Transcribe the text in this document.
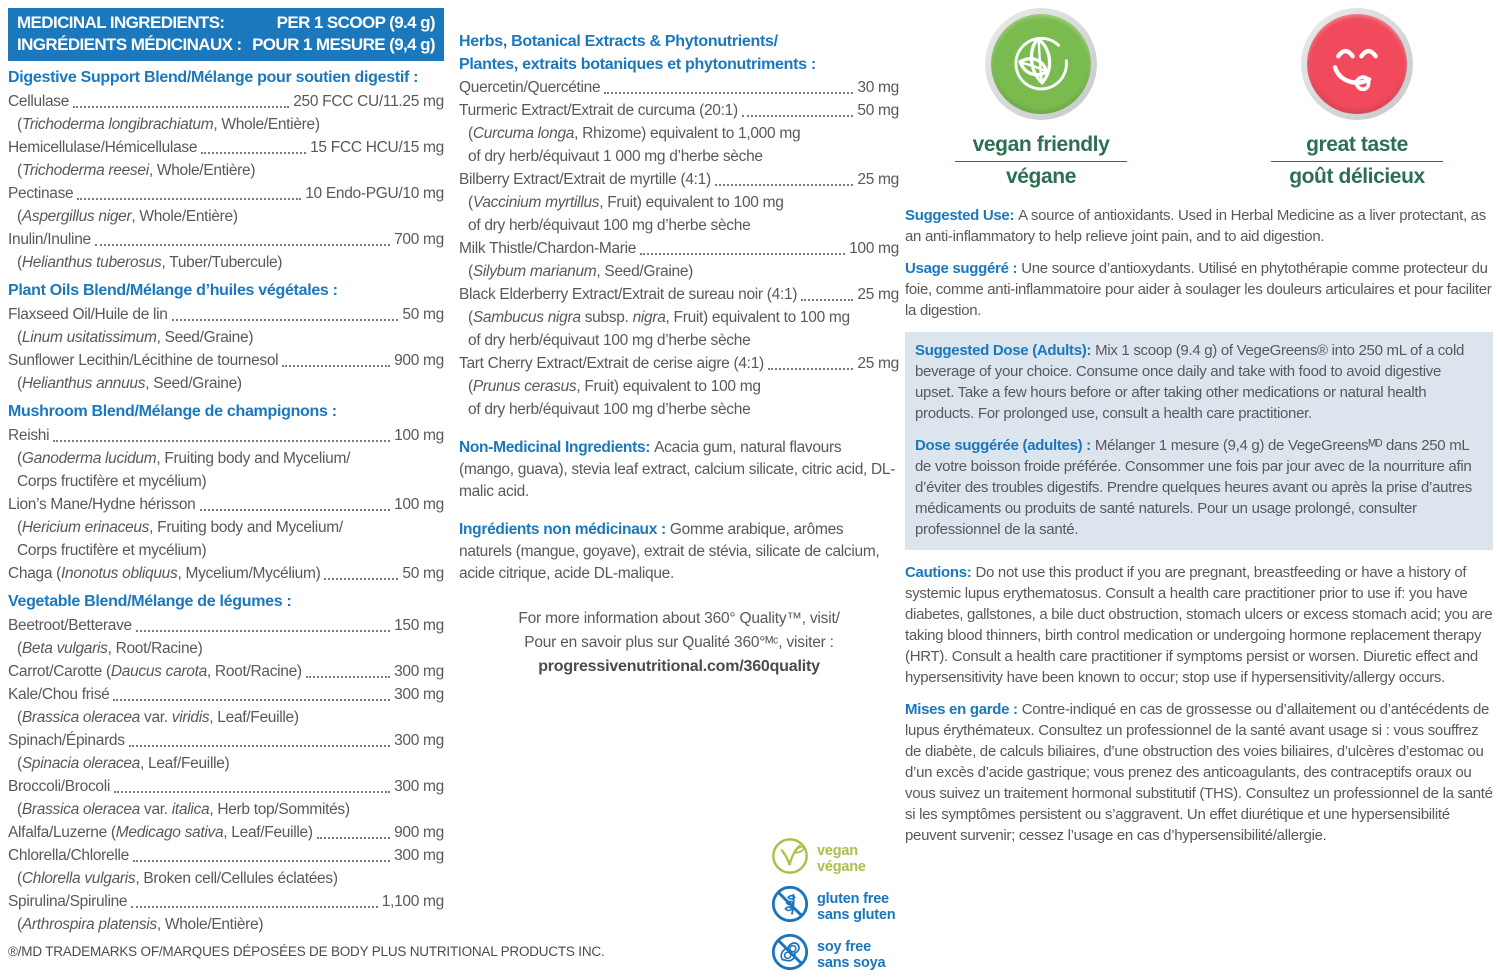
MEDICINAL INGREDIENTS:	PER 1 SCOOP (9.4 g)
INGRÉDIENTS MÉDICINAUX : POUR 1 MESURE (9,4 g)
Digestive Support Blend/Mélange pour soutien digestif :
Cellulase	250 FCC CU/11.25 mg
(Trichoderma longibrachiatum, Whole/Entière)
Hemicellulase/Hémicellulase	15 FCC HCU/15 mg
(Trichoderma reesei, Whole/Entière)
Pectinase	10 Endo-PGU/10 mg
(Aspergillus niger, Whole/Entière)
Inulin/Inuline	700 mg
(Helianthus tuberosus, Tuber/Tubercule)
Plant Oils Blend/Mélange d’huiles végétales :
Flaxseed Oil/Huile de lin	50 mg
(Linum usitatissimum, Seed/Graine)
Sunflower Lecithin/Lécithine de tournesol	900 mg
(Helianthus annuus, Seed/Graine)
Mushroom Blend/Mélange de champignons :
Reishi	100 mg
(Ganoderma lucidum, Fruiting body and Mycelium/
Corps fructifère et mycélium)
Lion’s Mane/Hydne hérisson	100 mg
(Hericium erinaceus, Fruiting body and Mycelium/
Corps fructifère et mycélium)
Chaga (Inonotus obliquus, Mycelium/Mycélium)	50 mg
Vegetable Blend/Mélange de légumes :
Beetroot/Betterave	150 mg
(Beta vulgaris, Root/Racine)
Carrot/Carotte (Daucus carota, Root/Racine)	300 mg
Kale/Chou frisé	300 mg
(Brassica oleracea var. viridis, Leaf/Feuille)
Spinach/Épinards	300 mg
(Spinacia oleracea, Leaf/Feuille)
Broccoli/Brocoli	300 mg
(Brassica oleracea var. italica, Herb top/Sommités)
Alfalfa/Luzerne (Medicago sativa, Leaf/Feuille)	900 mg
Chlorella/Chlorelle	300 mg
(Chlorella vulgaris, Broken cell/Cellules éclatées)
Spirulina/Spiruline	1,100 mg
(Arthrospira platensis, Whole/Entière)
®/MD TRADEMARKS OF/MARQUES DÉPOSÉES DE BODY PLUS NUTRITIONAL PRODUCTS INC.
Herbs, Botanical Extracts & Phytonutrients/
Plantes, extraits botaniques et phytonutriments :
Quercetin/Quercétine	30 mg
Turmeric Extract/Extrait de curcuma (20:1)	50 mg
(Curcuma longa, Rhizome) equivalent to 1,000 mg
of dry herb/équivaut 1 000 mg d’herbe sèche
Bilberry Extract/Extrait de myrtille (4:1)	25 mg
(Vaccinium myrtillus, Fruit) equivalent to 100 mg
of dry herb/équivaut 100 mg d’herbe sèche
Milk Thistle/Chardon-Marie	100 mg
(Silybum marianum, Seed/Graine)
Black Elderberry Extract/Extrait de sureau noir (4:1)	25 mg
(Sambucus nigra subsp. nigra, Fruit) equivalent to 100 mg
of dry herb/équivaut 100 mg d’herbe sèche
Tart Cherry Extract/Extrait de cerise aigre (4:1)	25 mg
(Prunus cerasus, Fruit) equivalent to 100 mg
of dry herb/équivaut 100 mg d’herbe sèche
Non-Medicinal Ingredients: Acacia gum, natural flavours (mango, guava), stevia leaf extract, calcium silicate, citric acid, DL-malic acid.
Ingrédients non médicinaux : Gomme arabique, arômes naturels (mangue, goyave), extrait de stévia, silicate de calcium, acide citrique, acide DL-malique.
For more information about 360° Quality™, visit/
Pour en savoir plus sur Qualité 360°ᴹᶜ, visiter :
progressivenutritional.com/360quality
vegan
végane
gluten free
sans gluten
soy free
sans soya
vegan friendly
végane
great taste
goût délicieux
Suggested Use: A source of antioxidants. Used in Herbal Medicine as a liver protectant, as an anti-inflammatory to help relieve joint pain, and to aid digestion.
Usage suggéré : Une source d’antioxydants. Utilisé en phytothérapie comme protecteur du foie, comme anti-inflammatoire pour aider à soulager les douleurs articulaires et pour faciliter la digestion.
Suggested Dose (Adults): Mix 1 scoop (9.4 g) of VegeGreens® into 250 mL of a cold beverage of your choice. Consume once daily and take with food to avoid digestive upset. Take a few hours before or after taking other medications or natural health products. For prolonged use, consult a health care practitioner.
Dose suggérée (adultes) : Mélanger 1 mesure (9,4 g) de VegeGreensᴹᴰ dans 250 mL de votre boisson froide préférée. Consommer une fois par jour avec de la nourriture afin d’éviter des troubles digestifs. Prendre quelques heures avant ou après la prise d’autres médicaments ou produits de santé naturels. Pour un usage prolongé, consulter professionnel de la santé.
Cautions: Do not use this product if you are pregnant, breastfeeding or have a history of systemic lupus erythematosus. Consult a health care practitioner prior to use if: you have diabetes, gallstones, a bile duct obstruction, stomach ulcers or excess stomach acid; you are taking blood thinners, birth control medication or undergoing hormone replacement therapy (HRT). Consult a health care practitioner if symptoms persist or worsen. Diuretic effect and hypersensitivity have been known to occur; stop use if hypersensitivity/allergy occurs.
Mises en garde : Contre-indiqué en cas de grossesse ou d’allaitement ou d’antécédents de lupus érythémateux. Consultez un professionnel de la santé avant usage si : vous souffrez de diabète, de calculs biliaires, d’une obstruction des voies biliaires, d’ulcères d’estomac ou d’un excès d’acide gastrique; vous prenez des anticoagulants, des contraceptifs oraux ou vous suivez un traitement hormonal substitutif (THS). Consultez un professionnel de la santé si les symptômes persistent ou s’aggravent. Un effet diurétique et une hypersensibilité peuvent survenir; cessez l’usage en cas d’hypersensibilité/allergie.
